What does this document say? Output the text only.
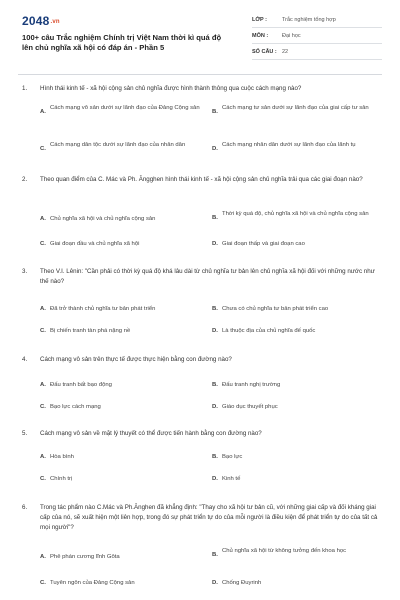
2048.vn
100+ câu Trắc nghiệm Chính trị Việt Nam thời kì quá độ lên chủ nghĩa xã hội có đáp án - Phần 5
LỚP :	Trắc nghiệm tổng hợp
MÔN :	Đại học
SỐ CÂU : 22
1.	Hình thái kinh tế - xã hội cộng sản chủ nghĩa được hình thành thông qua cuộc cách mạng nào?
A.
Cách mạng vô sản dưới sự lãnh đạo của Đảng Cộng sản
B.
Cách mạng tư sản dưới sự lãnh đạo của giai cấp tư sản
C.
Cách mạng dân tộc dưới sự lãnh đạo của nhân dân
D.
Cách mạng nhân dân dưới sự lãnh đạo của lãnh tụ
2.	Theo quan điểm của C. Mác và Ph. Ăngghen hình thái kinh tế - xã hội cộng sản chủ nghĩa trải qua các giai đoạn nào?
A. Chủ nghĩa xã hội và chủ nghĩa cộng sản	B.
Thời kỳ quá độ, chủ nghĩa xã hội và chủ nghĩa cộng sản
C. Giai đoạn đầu và chủ nghĩa xã hội	D. Giai đoạn thấp và giai đoạn cao
3.	Theo V.I. Lênin: "Cần phải có thời kỳ quá độ khá lâu dài từ chủ nghĩa tư bản lên chủ nghĩa xã hội đối với những nước như thế nào?
A. Đã trở thành chủ nghĩa tư bản phát triển	B. Chưa có chủ nghĩa tư bản phát triển cao
C. Bị chiến tranh tàn phá nặng nề	D. Là thuộc địa của chủ nghĩa đế quốc
4.	Cách mạng vô sản trên thực tế được thực hiện bằng con đường nào?
A. Đấu tranh bất bạo động	B. Đấu tranh nghị trường
C. Bạo lực cách mạng	D. Giáo dục thuyết phục
5.	Cách mạng vô sản về mặt lý thuyết có thể được tiến hành bằng con đường nào?
A. Hòa bình	B. Bạo lực
C. Chính trị	D. Kinh tế
6.	Trong tác phẩm nào C.Mác và Ph.Ănghen đã khẳng định: "Thay cho xã hội tư bản cũ, với những giai cấp và đối kháng giai cấp của nó, sẽ xuất hiện một liên hợp, trong đó sự phát triển tự do của mỗi người là điều kiện để phát triển tự do của tất cả mọi người"?
A. Phê phán cương lĩnh Gôta	B.
Chủ nghĩa xã hội từ không tưởng đến khoa học
C. Tuyên ngôn của Đảng Cộng sản	D. Chống Đuyrinh
